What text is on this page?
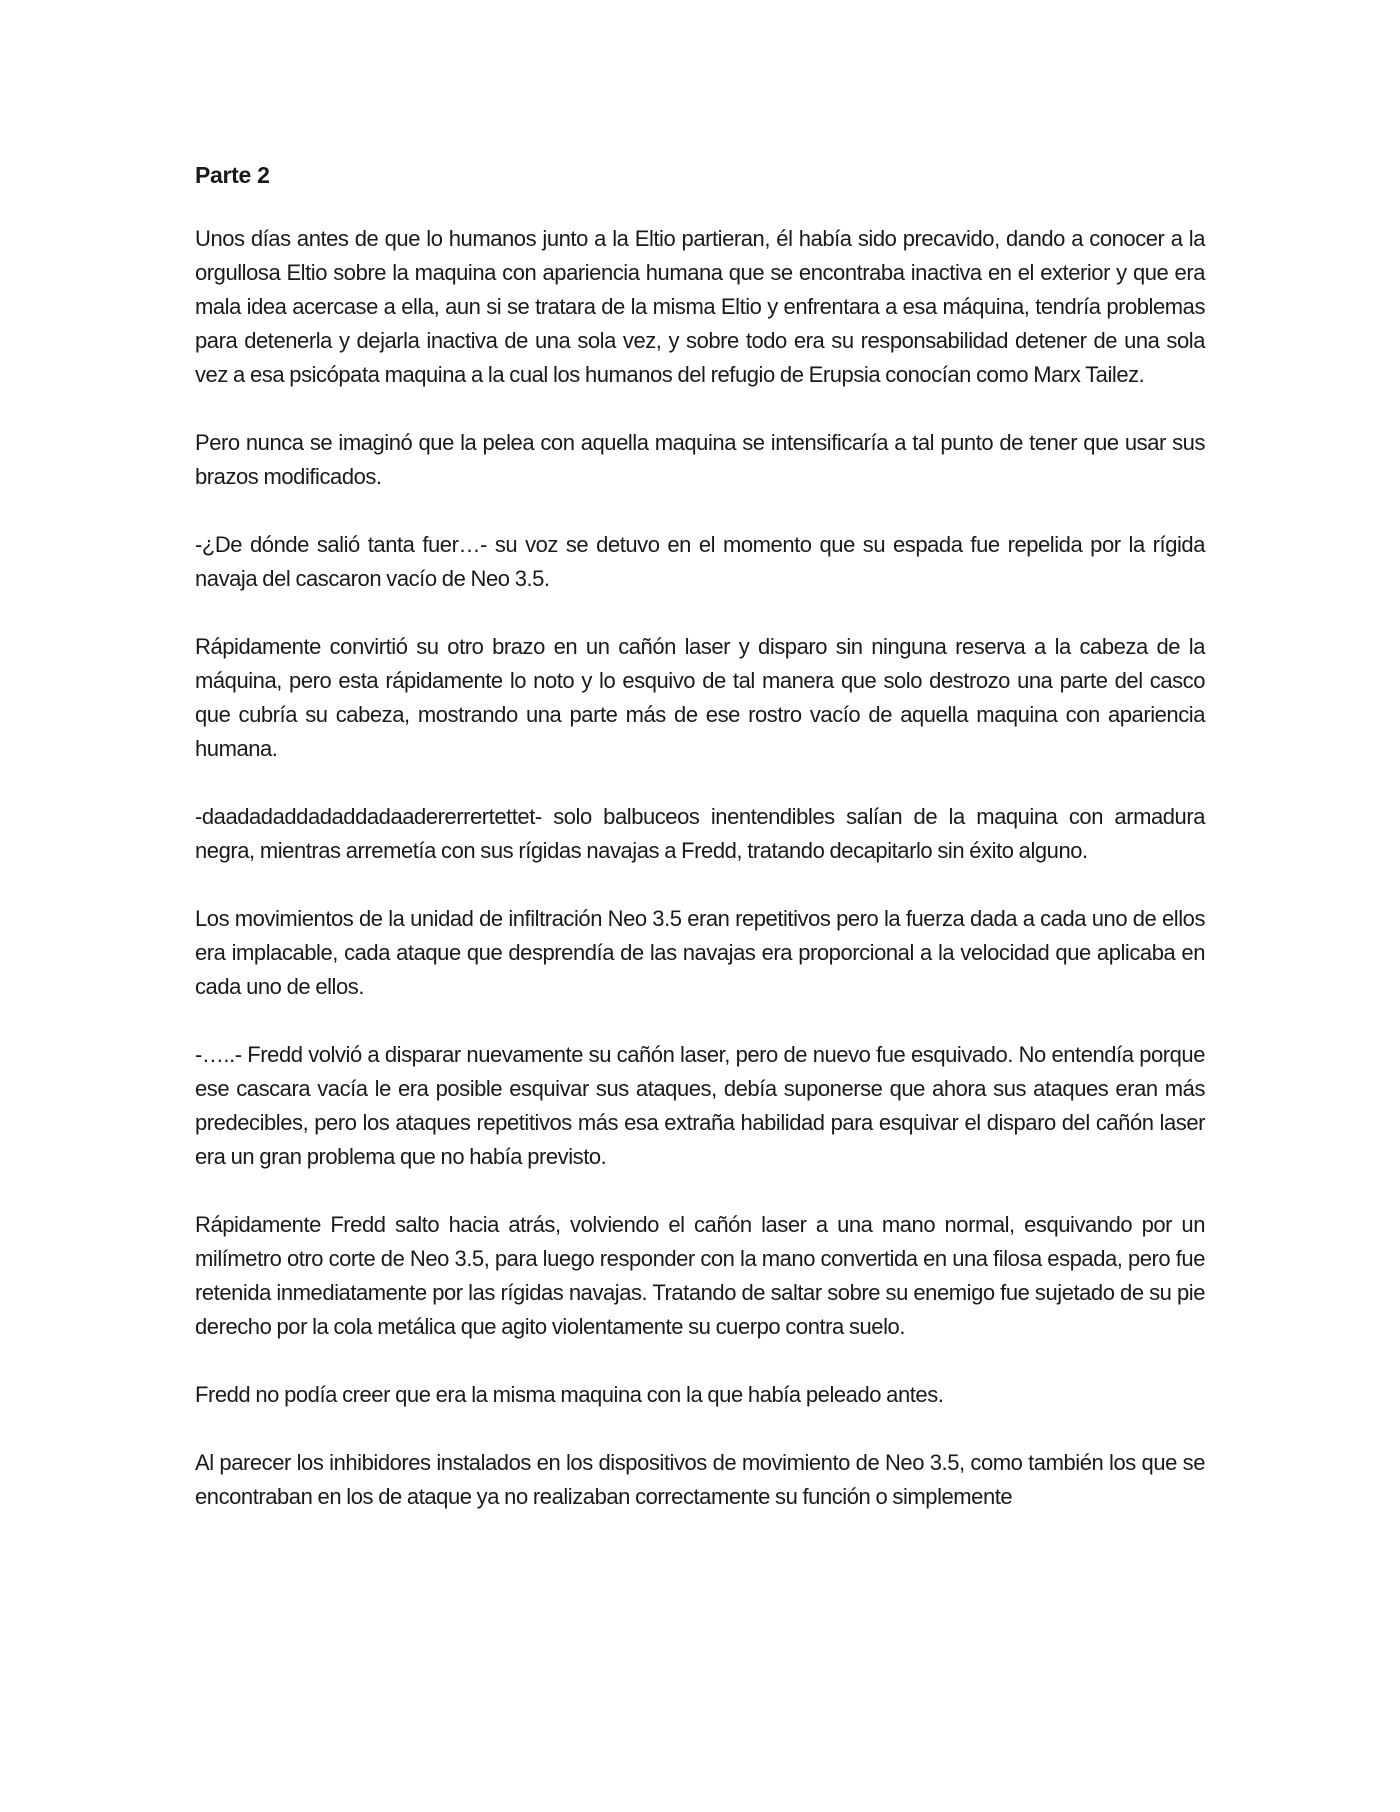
Parte 2

Unos días antes de que lo humanos junto a la Eltio partieran, él había sido precavido, dando a conocer a la orgullosa Eltio sobre la maquina con apariencia humana que se encontraba inactiva en el exterior y que era mala idea acercase a ella, aun si se tratara de la misma Eltio y enfrentara a esa máquina, tendría problemas para detenerla y dejarla inactiva de una sola vez, y sobre todo era su responsabilidad detener de una sola vez a esa psicópata maquina a la cual los humanos del refugio de Erupsia conocían como Marx Tailez.

Pero nunca se imaginó que la pelea con aquella maquina se intensificaría a tal punto de tener que usar sus brazos modificados.

-¿De dónde salió tanta fuer…- su voz se detuvo en el momento que su espada fue repelida por la rígida navaja del cascaron vacío de Neo 3.5.

Rápidamente convirtió su otro brazo en un cañón laser y disparo sin ninguna reserva a la cabeza de la máquina, pero esta rápidamente lo noto y lo esquivo de tal manera que solo destrozo una parte del casco que cubría su cabeza, mostrando una parte más de ese rostro vacío de aquella maquina con apariencia humana.

-daadadaddadaddadaadererrertettet- solo balbuceos inentendibles salían de la maquina con armadura negra, mientras arremetía con sus rígidas navajas a Fredd, tratando decapitarlo sin éxito alguno.

Los movimientos de la unidad de infiltración Neo 3.5 eran repetitivos pero la fuerza dada a cada uno de ellos era implacable, cada ataque que desprendía de las navajas era proporcional a la velocidad que aplicaba en cada uno de ellos.

-…..- Fredd volvió a disparar nuevamente su cañón laser, pero de nuevo fue esquivado. No entendía porque ese cascara vacía le era posible esquivar sus ataques, debía suponerse que ahora sus ataques eran más predecibles, pero los ataques repetitivos más esa extraña habilidad para esquivar el disparo del cañón laser era un gran problema que no había previsto.

Rápidamente Fredd salto hacia atrás, volviendo el cañón laser a una mano normal, esquivando por un milímetro otro corte de Neo 3.5, para luego responder con la mano convertida en una filosa espada, pero fue retenida inmediatamente por las rígidas navajas. Tratando de saltar sobre su enemigo fue sujetado de su pie derecho por la cola metálica que agito violentamente su cuerpo contra suelo.

Fredd no podía creer que era la misma maquina con la que había peleado antes.

Al parecer los inhibidores instalados en los dispositivos de movimiento de Neo 3.5, como también los que se encontraban en los de ataque ya no realizaban correctamente su función o simplemente
